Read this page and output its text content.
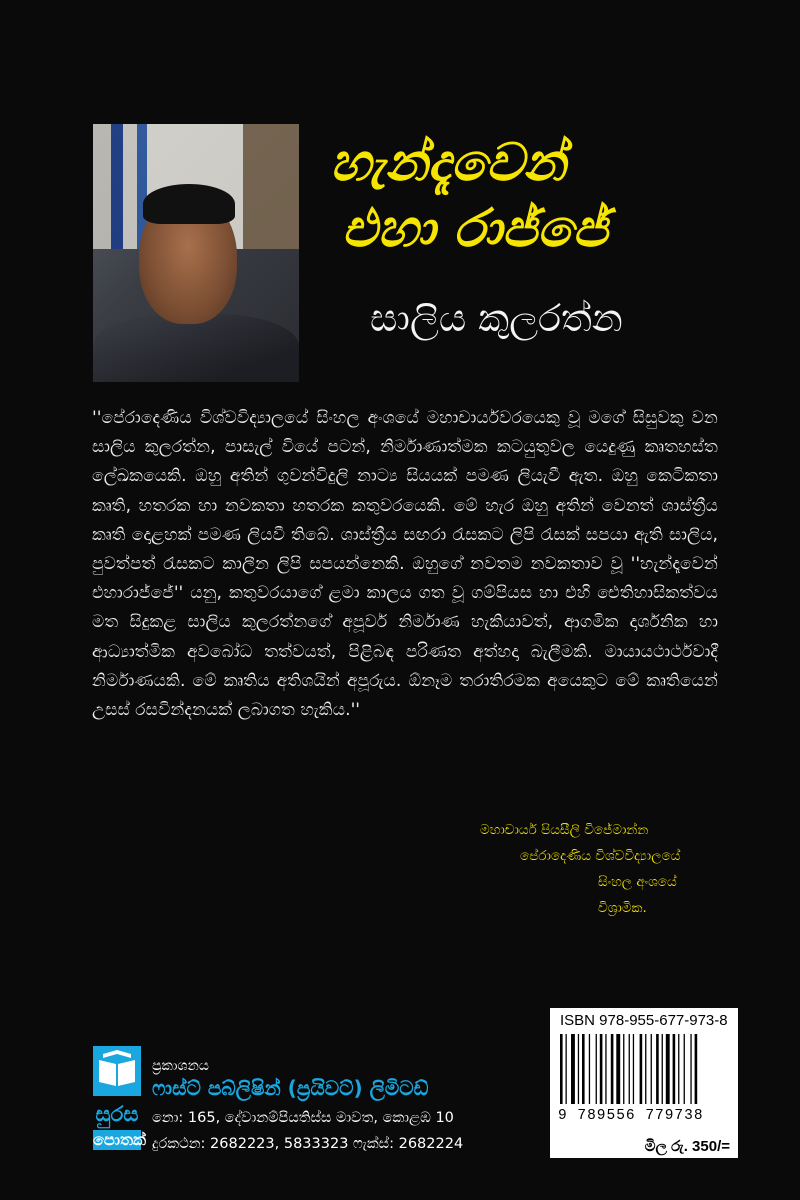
හැන්දෑවෙන්
එහා රාජ්ජේ
සාලිය කුලරත්න
''පේරාදෙණිය විශ්වවිද්‍යාලයේ සිංහල අංශයේ මහාචාර්යවරයෙකු වූ මගේ සිසුවකු වන සාලිය කුලරත්න, පාසැල් වියේ පටන්, නිර්මාණාත්මක කටයුතුවල යෙදුණු කෘතහස්ත ලේඛකයෙකි. ඔහු අතින් ගුවන්විදුලි නාට්‍ය සියයක් පමණ ලියැවී ඇත. ඔහු කෙටිකතා කෘති, හතරක හා නවකතා හතරක කතුවරයෙකි. මේ හැර ඔහු අතින් වෙනත් ශාස්ත්‍රීය කෘති දොළහක් පමණ ලියවී තිබේ. ශාස්ත්‍රීය සඟරා රැසකට ලිපි රැසක් සපයා ඇති සාලිය, පුවත්පත් රැසකට කාලීන ලිපි සපයන්නෙකි. ඔහුගේ නවතම නවකතාව වූ ''හැන්දෑවෙන් එහාරාජ්ජේ'' යනු, කතුවරයාගේ ළමා කාලය ගත වූ ගම්පියස හා එහි ඓතිහාසිකත්වය මත සිදුකළ සාලිය කුලරත්නගේ අපූර්ව නිර්මාණ හැකියාවත්, ආගමික දාර්ශනික හා ආධ්‍යාත්මික අවබෝධ තත්වයත්, පිළිබඳ පරිණත අත්හදා බැලීමකි. මායායථාර්ථවාදී නිර්මාණයකි. මේ කෘතිය අතිශයින් අපූරුය. ඕනෑම තරාතිරමක අයෙකුට මේ කෘතියෙන් උසස් රසවින්දනයක් ලබාගත හැකිය.''
මහාචාර්ය පියසීලි විජේමාන්න
පේරාදෙණිය විශ්වවිද්‍යාලයේ
සිංහල අංශයේ
විශ්‍රාමික.
ISBN 978-955-677-973-8
9 789556 779738
මිල රු. 350/=
සුරස
පොතක්
ප්‍රකාශනය
ෆාස්ට් පබ්ලිෂින් (ප්‍රයිවට්) ලිමිටඩ්
නො: 165, දේවානම්පියතිස්ස මාවත, කොළඹ 10
දුරකථන: 2682223, 5833323 ෆැක්ස්: 2682224
